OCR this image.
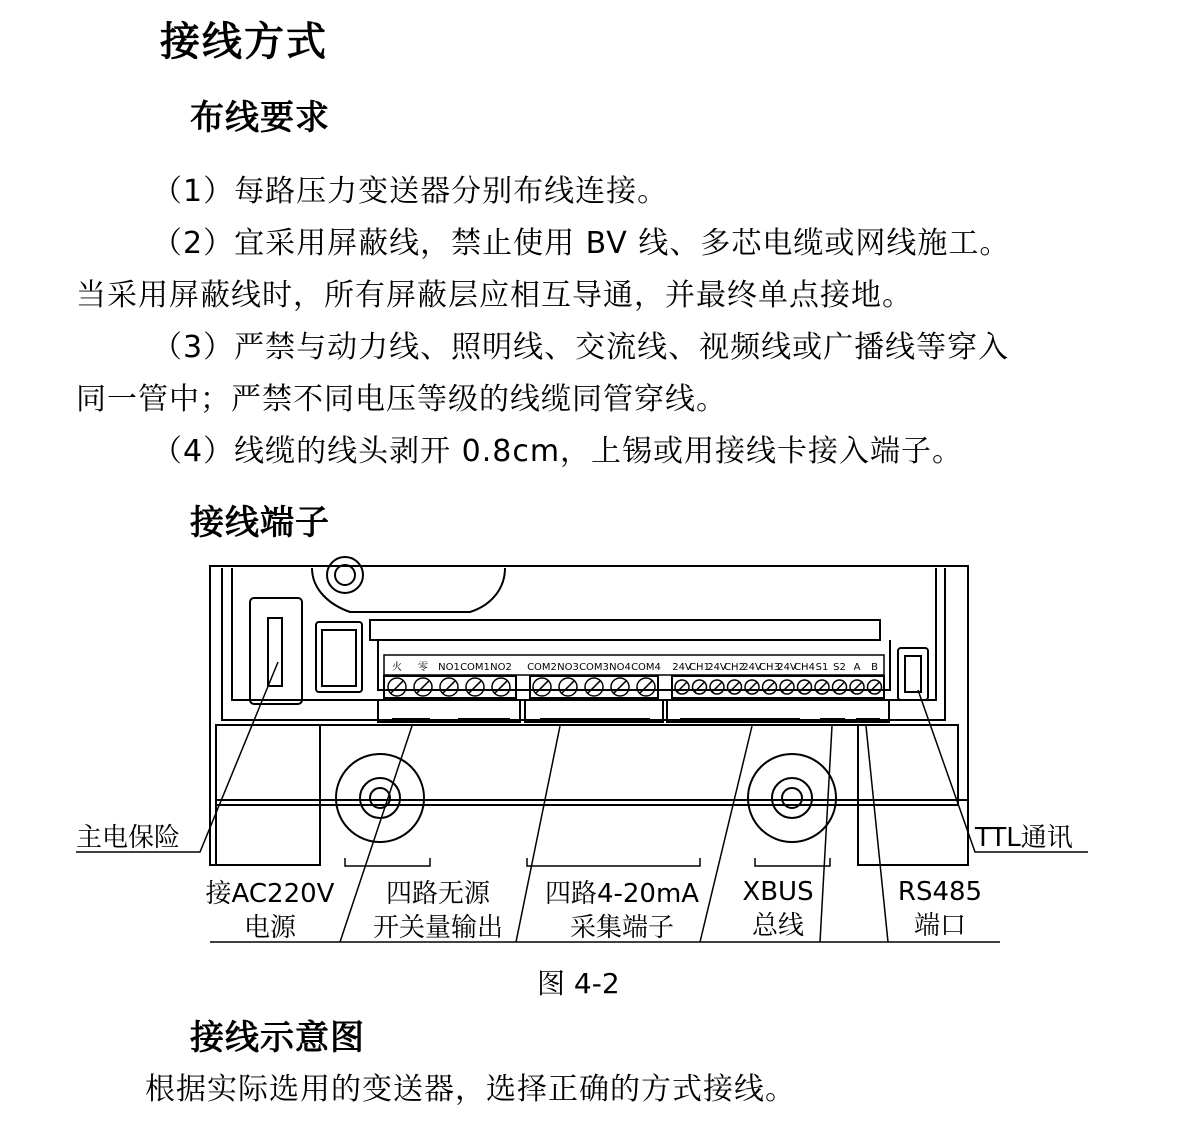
接线方式
布线要求
（1）每路压力变送器分别布线连接。
（2）宜采用屏蔽线，禁止使用 BV 线、多芯电缆或网线施工。
当采用屏蔽线时，所有屏蔽层应相互导通，并最终单点接地。
（3）严禁与动力线、照明线、交流线、视频线或广播线等穿入
同一管中；严禁不同电压等级的线缆同管穿线。
（4）线缆的线头剥开 0.8cm，上锡或用接线卡接入端子。
接线端子
火 零 NO1 COM1 NO2 COM2 NO3 COM3 NO4 COM4 24V
CH1
24V
CH2
24V
CH3
24V
CH4 S1 S2 A B
主电保险	TTL通讯
接AC220V
电源
四路无源
开关量输出
四路4-20mA
采集端子
XBUS
总线
RS485
端口
图 4-2
接线示意图
根据实际选用的变送器，选择正确的方式接线。
